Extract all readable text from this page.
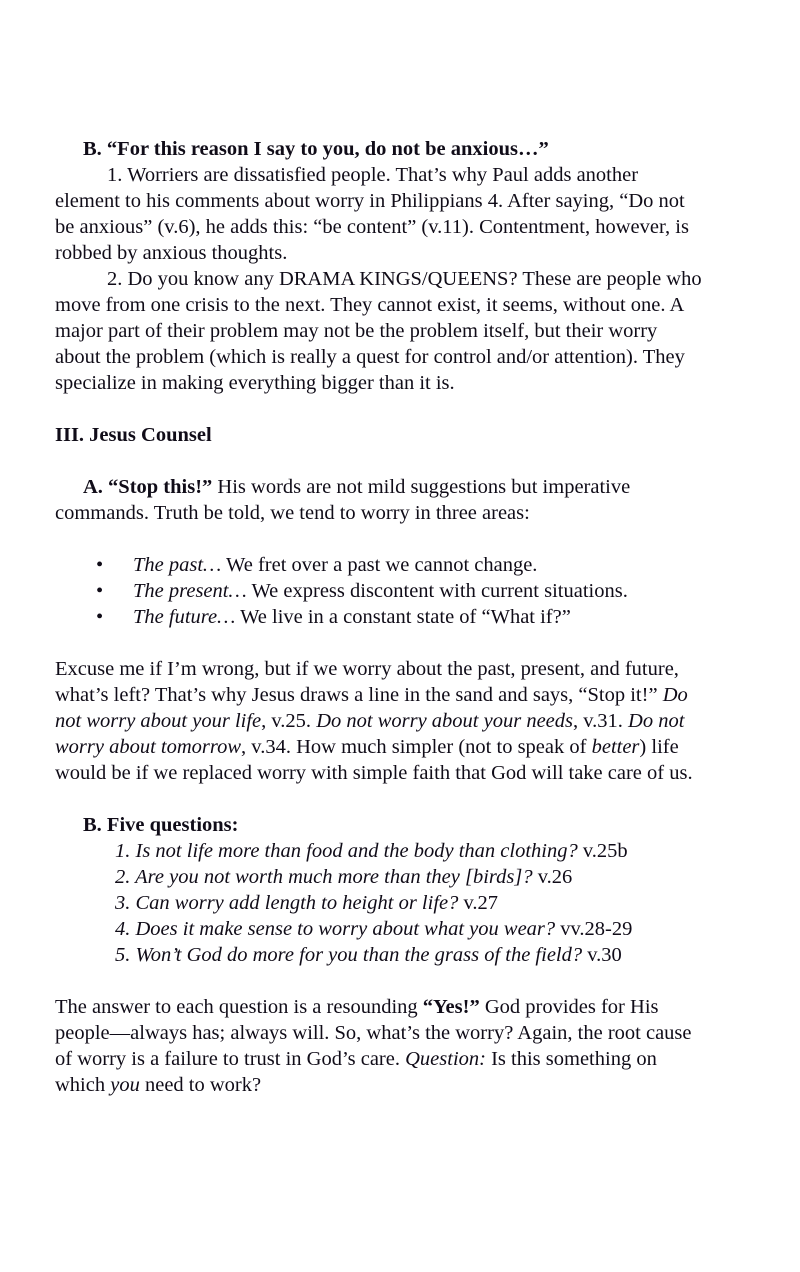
B. “For this reason I say to you, do not be anxious…”

1. Worriers are dissatisfied people. That’s why Paul adds another element to his comments about worry in Philippians 4. After saying, “Do not be anxious” (v.6), he adds this: “be content” (v.11). Contentment, however, is robbed by anxious thoughts.

2. Do you know any DRAMA KINGS/QUEENS? These are people who move from one crisis to the next. They cannot exist, it seems, without one. A major part of their problem may not be the problem itself, but their worry about the problem (which is really a quest for control and/or attention). They specialize in making everything bigger than it is.

III. Jesus Counsel

A. “Stop this!” His words are not mild suggestions but imperative commands. Truth be told, we tend to worry in three areas:

• The past… We fret over a past we cannot change.
• The present… We express discontent with current situations.
• The future… We live in a constant state of “What if?”

Excuse me if I’m wrong, but if we worry about the past, present, and future, what’s left? That’s why Jesus draws a line in the sand and says, “Stop it!” Do not worry about your life, v.25. Do not worry about your needs, v.31. Do not worry about tomorrow, v.34. How much simpler (not to speak of better) life would be if we replaced worry with simple faith that God will take care of us.

B. Five questions:

1. Is not life more than food and the body than clothing? v.25b
2. Are you not worth much more than they [birds]? v.26
3. Can worry add length to height or life? v.27
4. Does it make sense to worry about what you wear? vv.28-29
5. Won’t God do more for you than the grass of the field? v.30

The answer to each question is a resounding “Yes!” God provides for His people—always has; always will. So, what’s the worry? Again, the root cause of worry is a failure to trust in God’s care. Question: Is this something on which you need to work?
